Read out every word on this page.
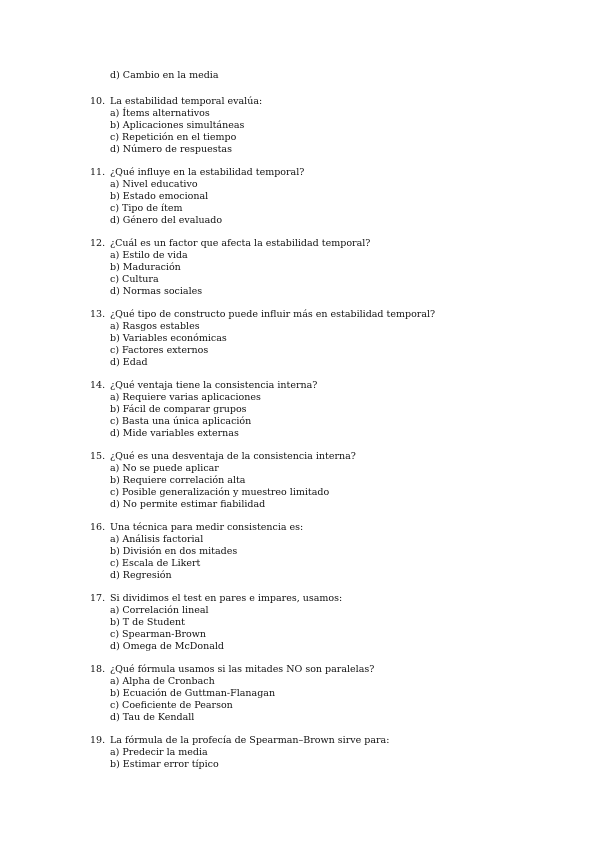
d) Cambio en la media
10. La estabilidad temporal evalúa:
a) Ítems alternativos
b) Aplicaciones simultáneas
c) Repetición en el tiempo
d) Número de respuestas
11. ¿Qué influye en la estabilidad temporal?
a) Nivel educativo
b) Estado emocional
c) Tipo de ítem
d) Género del evaluado
12. ¿Cuál es un factor que afecta la estabilidad temporal?
a) Estilo de vida
b) Maduración
c) Cultura
d) Normas sociales
13. ¿Qué tipo de constructo puede influir más en estabilidad temporal?
a) Rasgos estables
b) Variables económicas
c) Factores externos
d) Edad
14. ¿Qué ventaja tiene la consistencia interna?
a) Requiere varias aplicaciones
b) Fácil de comparar grupos
c) Basta una única aplicación
d) Mide variables externas
15. ¿Qué es una desventaja de la consistencia interna?
a) No se puede aplicar
b) Requiere correlación alta
c) Posible generalización y muestreo limitado
d) No permite estimar fiabilidad
16. Una técnica para medir consistencia es:
a) Análisis factorial
b) División en dos mitades
c) Escala de Likert
d) Regresión
17. Si dividimos el test en pares e impares, usamos:
a) Correlación lineal
b) T de Student
c) Spearman-Brown
d) Omega de McDonald
18. ¿Qué fórmula usamos si las mitades NO son paralelas?
a) Alpha de Cronbach
b) Ecuación de Guttman-Flanagan
c) Coeficiente de Pearson
d) Tau de Kendall
19. La fórmula de la profecía de Spearman–Brown sirve para:
a) Predecir la media
b) Estimar error típico
